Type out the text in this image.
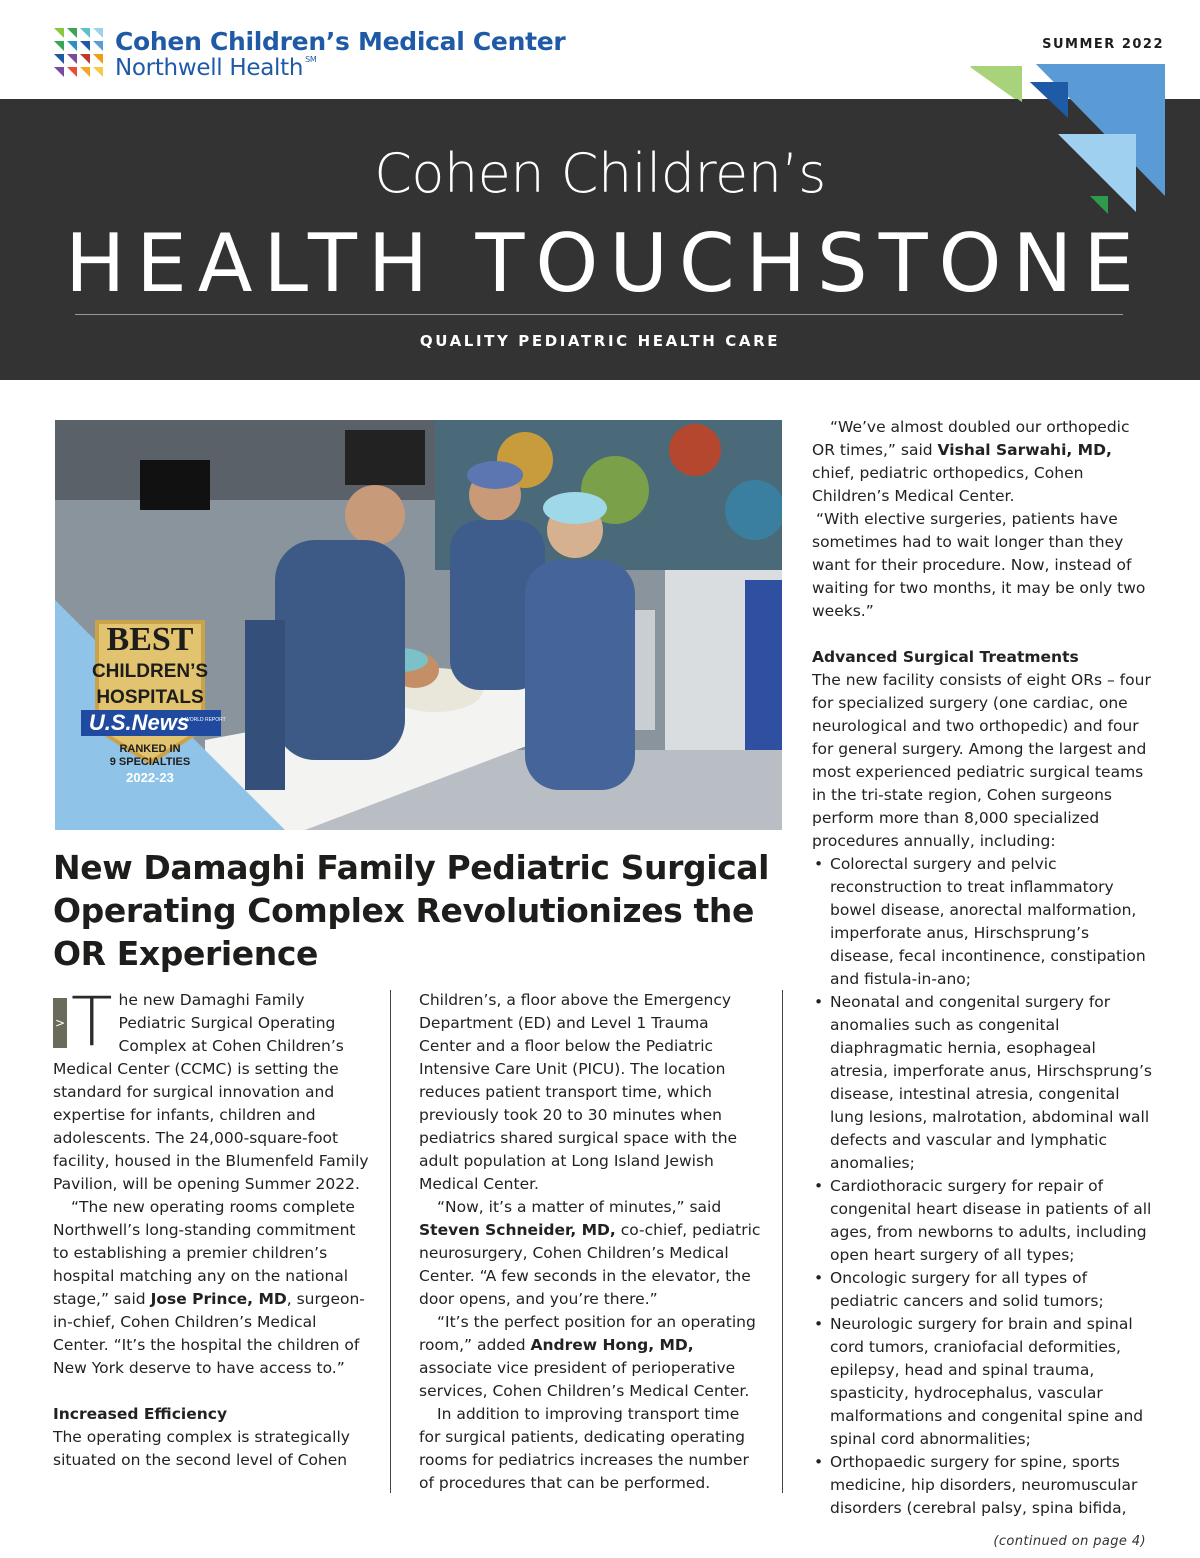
Cohen Children’s Medical Center
Northwell Health ℠
SUMMER 2022
Cohen Children’s
HEALTH TOUCHSTONE
QUALITY PEDIATRIC HEALTH CARE
BEST
CHILDREN’S
HOSPITALS
U.S.News
& WORLD REPORT
RANKED IN
9 SPECIALTIES
2022-23
New Damaghi Family Pediatric Surgical Operating Complex Revolutionizes the OR Experience
> T he new Damaghi Family Pediatric Surgical Operating Complex at Cohen Children’s Medical Center (CCMC) is setting the standard for surgical innovation and expertise for infants, children and adolescents. The 24,000-square-foot facility, housed in the Blumenfeld Family Pavilion, will be opening Summer 2022.

“The new operating rooms complete Northwell’s long-standing commitment to establishing a premier children’s hospital matching any on the national stage,” said Jose Prince, MD, surgeon-in-chief, Cohen Children’s Medical Center. “It’s the hospital the children of New York deserve to have access to.”

Increased Efficiency

The operating complex is strategically situated on the second level of Cohen

Children’s, a floor above the Emergency Department (ED) and Level 1 Trauma Center and a floor below the Pediatric Intensive Care Unit (PICU). The location reduces patient transport time, which previously took 20 to 30 minutes when pediatrics shared surgical space with the adult population at Long Island Jewish Medical Center.

“Now, it’s a matter of minutes,” said Steven Schneider, MD, co-chief, pediatric neurosurgery, Cohen Children’s Medical Center. “A few seconds in the elevator, the door opens, and you’re there.”

“It’s the perfect position for an operating room,” added Andrew Hong, MD, associate vice president of perioperative services, Cohen Children’s Medical Center.

In addition to improving transport time for surgical patients, dedicating operating rooms for pediatrics increases the number of procedures that can be performed.

“We’ve almost doubled our orthopedic OR times,” said Vishal Sarwahi, MD, chief, pediatric orthopedics, Cohen Children’s Medical Center.

“With elective surgeries, patients have sometimes had to wait longer than they want for their procedure. Now, instead of waiting for two months, it may be only two weeks.”

Advanced Surgical Treatments

The new facility consists of eight ORs – four for specialized surgery (one cardiac, one neurological and two orthopedic) and four for general surgery. Among the largest and most experienced pediatric surgical teams in the tri-state region, Cohen surgeons perform more than 8,000 specialized procedures annually, including:

• Colorectal surgery and pelvic reconstruction to treat inflammatory bowel disease, anorectal malformation, imperforate anus, Hirschsprung’s disease, fecal incontinence, constipation and fistula-in-ano;
• Neonatal and congenital surgery for anomalies such as congenital diaphragmatic hernia, esophageal atresia, imperforate anus, Hirschsprung’s disease, intestinal atresia, congenital lung lesions, malrotation, abdominal wall defects and vascular and lymphatic anomalies;
• Cardiothoracic surgery for repair of congenital heart disease in patients of all ages, from newborns to adults, including open heart surgery of all types;
• Oncologic surgery for all types of pediatric cancers and solid tumors;
• Neurologic surgery for brain and spinal cord tumors, craniofacial deformities, epilepsy, head and spinal trauma, spasticity, hydrocephalus, vascular malformations and congenital spine and spinal cord abnormalities;
• Orthopaedic surgery for spine, sports medicine, hip disorders, neuromuscular disorders (cerebral palsy, spina bifida,
(continued on page 4)
